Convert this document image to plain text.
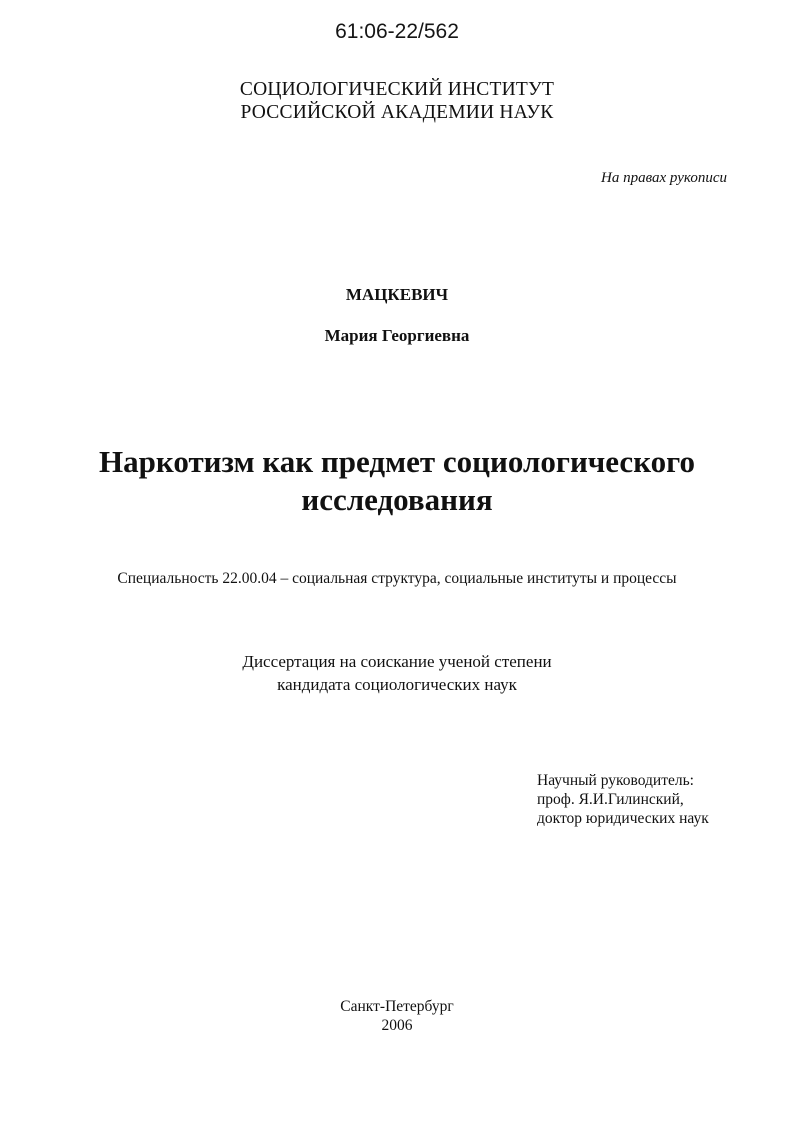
61:06-22/562
СОЦИОЛОГИЧЕСКИЙ ИНСТИТУТ
РОССИЙСКОЙ АКАДЕМИИ НАУК
На правах рукописи
МАЦКЕВИЧ
Мария Георгиевна
Наркотизм как предмет социологического
исследования
Специальность 22.00.04 – социальная структура, социальные институты и процессы
Диссертация на соискание ученой степени
кандидата социологических наук
Научный руководитель:
проф. Я.И.Гилинский,
доктор юридических наук
Санкт-Петербург
2006
